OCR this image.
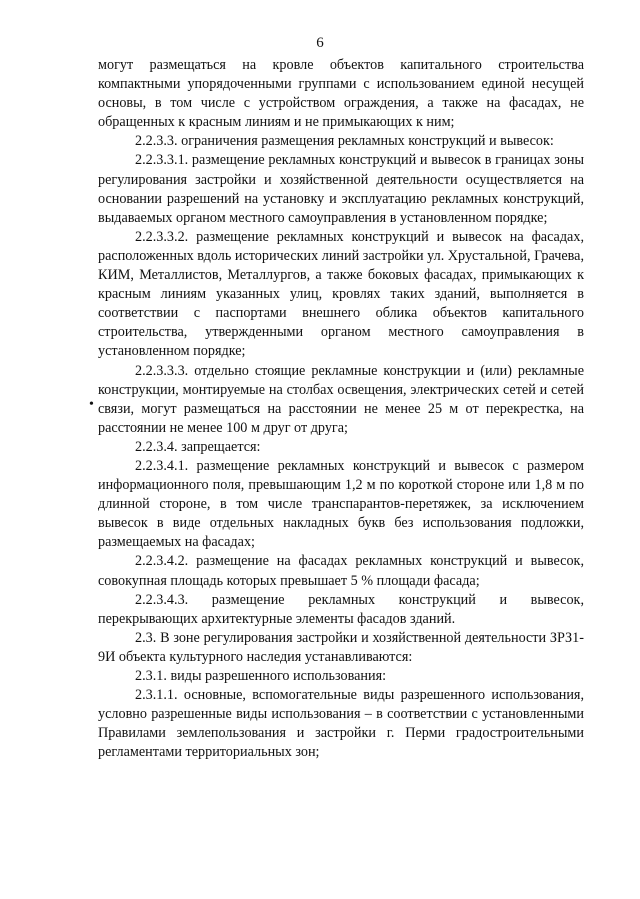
6
•

могут размещаться на кровле объектов капитального строительства компактными упорядоченными группами с использованием единой несущей основы, в том числе с устройством ограждения, а также на фасадах, не обращенных к красным линиям и не примыкающих к ним;

2.2.3.3. ограничения размещения рекламных конструкций и вывесок:

2.2.3.3.1. размещение рекламных конструкций и вывесок в границах зоны регулирования застройки и хозяйственной деятельности осуществляется на основании разрешений на установку и эксплуатацию рекламных конструкций, выдаваемых органом местного самоуправления в установленном порядке;

2.2.3.3.2. размещение рекламных конструкций и вывесок на фасадах, расположенных вдоль исторических линий застройки ул. Хрустальной, Грачева, КИМ, Металлистов, Металлургов, а также боковых фасадах, примыкающих к красным линиям указанных улиц, кровлях таких зданий, выполняется в соответствии с паспортами внешнего облика объектов капитального строительства, утвержденными органом местного самоуправления в установленном порядке;

2.2.3.3.3. отдельно стоящие рекламные конструкции и (или) рекламные конструкции, монтируемые на столбах освещения, электрических сетей и сетей связи, могут размещаться на расстоянии не менее 25 м от перекрестка, на расстоянии не менее 100 м друг от друга;

2.2.3.4. запрещается:

2.2.3.4.1. размещение рекламных конструкций и вывесок с размером информационного поля, превышающим 1,2 м по короткой стороне или 1,8 м по длинной стороне, в том числе транспарантов-перетяжек, за исключением вывесок в виде отдельных накладных букв без использования подложки, размещаемых на фасадах;

2.2.3.4.2. размещение на фасадах рекламных конструкций и вывесок, совокупная площадь которых превышает 5 % площади фасада;

2.2.3.4.3. размещение рекламных конструкций и вывесок, перекрывающих архитектурные элементы фасадов зданий.

2.3. В зоне регулирования застройки и хозяйственной деятельности ЗРЗ1-9И объекта культурного наследия устанавливаются:

2.3.1. виды разрешенного использования:

2.3.1.1. основные, вспомогательные виды разрешенного использования, условно разрешенные виды использования – в соответствии с установленными Правилами землепользования и застройки г. Перми градостроительными регламентами территориальных зон;
